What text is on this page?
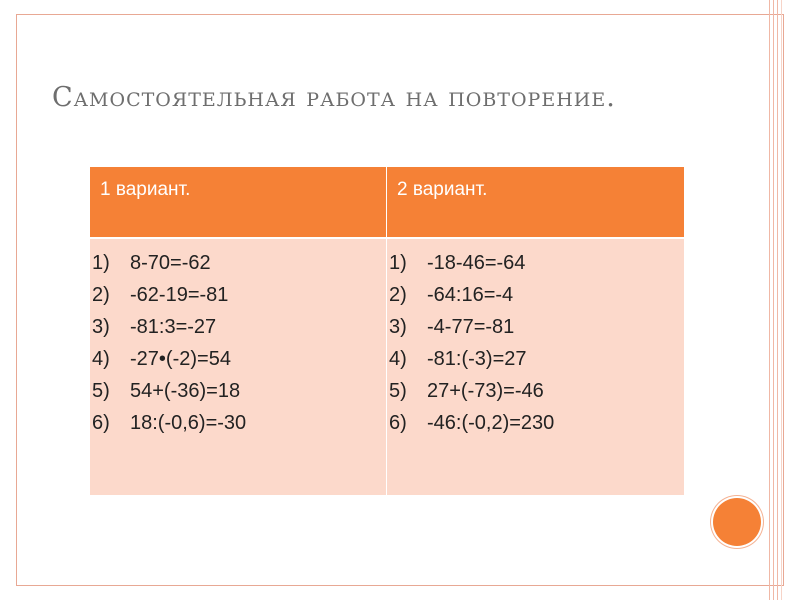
Самостоятельная работа на повторение.
1 вариант.	2 вариант.
1)	8-70=-62
2)	-62-19=-81
3)	-81:3=-27
4)	-27•(-2)=54
5)	54+(-36)=18
6)	18:(-0,6)=-30
1)	-18-46=-64
2)	-64:16=-4
3)	-4-77=-81
4)	-81:(-3)=27
5)	27+(-73)=-46
6)	-46:(-0,2)=230
